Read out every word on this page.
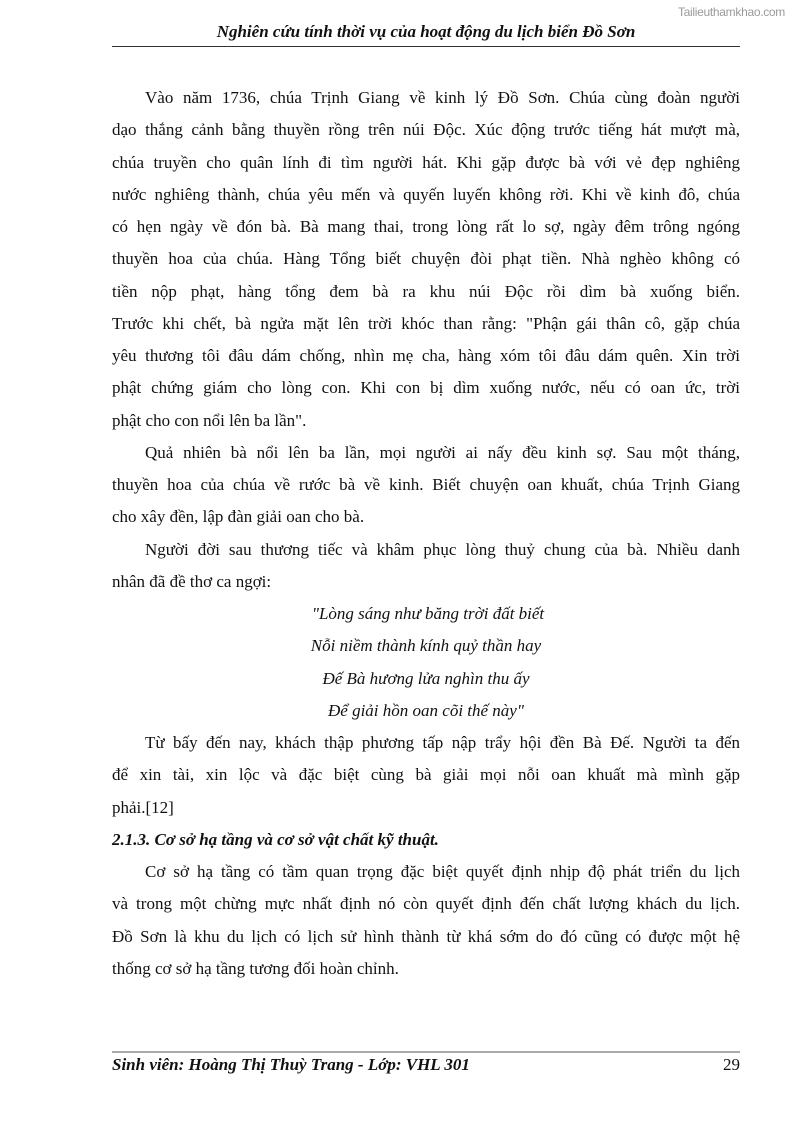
Tailieuthamkhao.com
Nghiên cứu tính thời vụ của hoạt động du lịch biển Đồ Sơn
Vào năm 1736, chúa Trịnh Giang về kinh lý Đồ Sơn. Chúa cùng đoàn người
dạo thắng cảnh bằng thuyền rồng trên núi Độc. Xúc động trước tiếng hát mượt mà,
chúa truyền cho quân lính đi tìm người hát. Khi gặp được bà với vẻ đẹp nghiêng
nước nghiêng thành, chúa yêu mến và quyến luyến không rời. Khi về kinh đô, chúa
có hẹn ngày về đón bà. Bà mang thai, trong lòng rất lo sợ, ngày đêm trông ngóng
thuyền hoa của chúa. Hàng Tổng biết chuyện đòi phạt tiền. Nhà nghèo không có
tiền nộp phạt, hàng tổng đem bà ra khu núi Độc rồi dìm bà xuống biển.
Trước khi chết, bà ngửa mặt lên trời khóc than rằng: "Phận gái thân cô, gặp chúa
yêu thương tôi đâu dám chống, nhìn mẹ cha, hàng xóm tôi đâu dám quên. Xin trời
phật chứng giám cho lòng con. Khi con bị dìm xuống nước, nếu có oan ức, trời
phật cho con nổi lên ba lần".
Quả nhiên bà nổi lên ba lần, mọi người ai nấy đều kinh sợ. Sau một tháng,
thuyền hoa của chúa về rước bà về kinh. Biết chuyện oan khuất, chúa Trịnh Giang
cho xây đền, lập đàn giải oan cho bà.
Người đời sau thương tiếc và khâm phục lòng thuỷ chung của bà. Nhiều danh
nhân đã đề thơ ca ngợi:
"Lòng sáng như băng trời đất biết
Nỗi niềm thành kính quỷ thần hay
Đế Bà hương lửa nghìn thu ấy
Để giải hồn oan cõi thế này"
Từ bấy đến nay, khách thập phương tấp nập trẩy hội đền Bà Đế. Người ta đến
để xin tài, xin lộc và đặc biệt cùng bà giải mọi nỗi oan khuất mà mình gặp
phải.[12]
2.1.3. Cơ sở hạ tầng và cơ sở vật chất kỹ thuật.
Cơ sở hạ tầng có tầm quan trọng đặc biệt quyết định nhịp độ phát triển du lịch
và trong một chừng mực nhất định nó còn quyết định đến chất lượng khách du lịch.
Đồ Sơn là khu du lịch có lịch sử hình thành từ khá sớm do đó cũng có được một hệ
thống cơ sở hạ tầng tương đối hoàn chỉnh.
Sinh viên: Hoàng Thị Thuỳ Trang - Lớp: VHL 301	29
